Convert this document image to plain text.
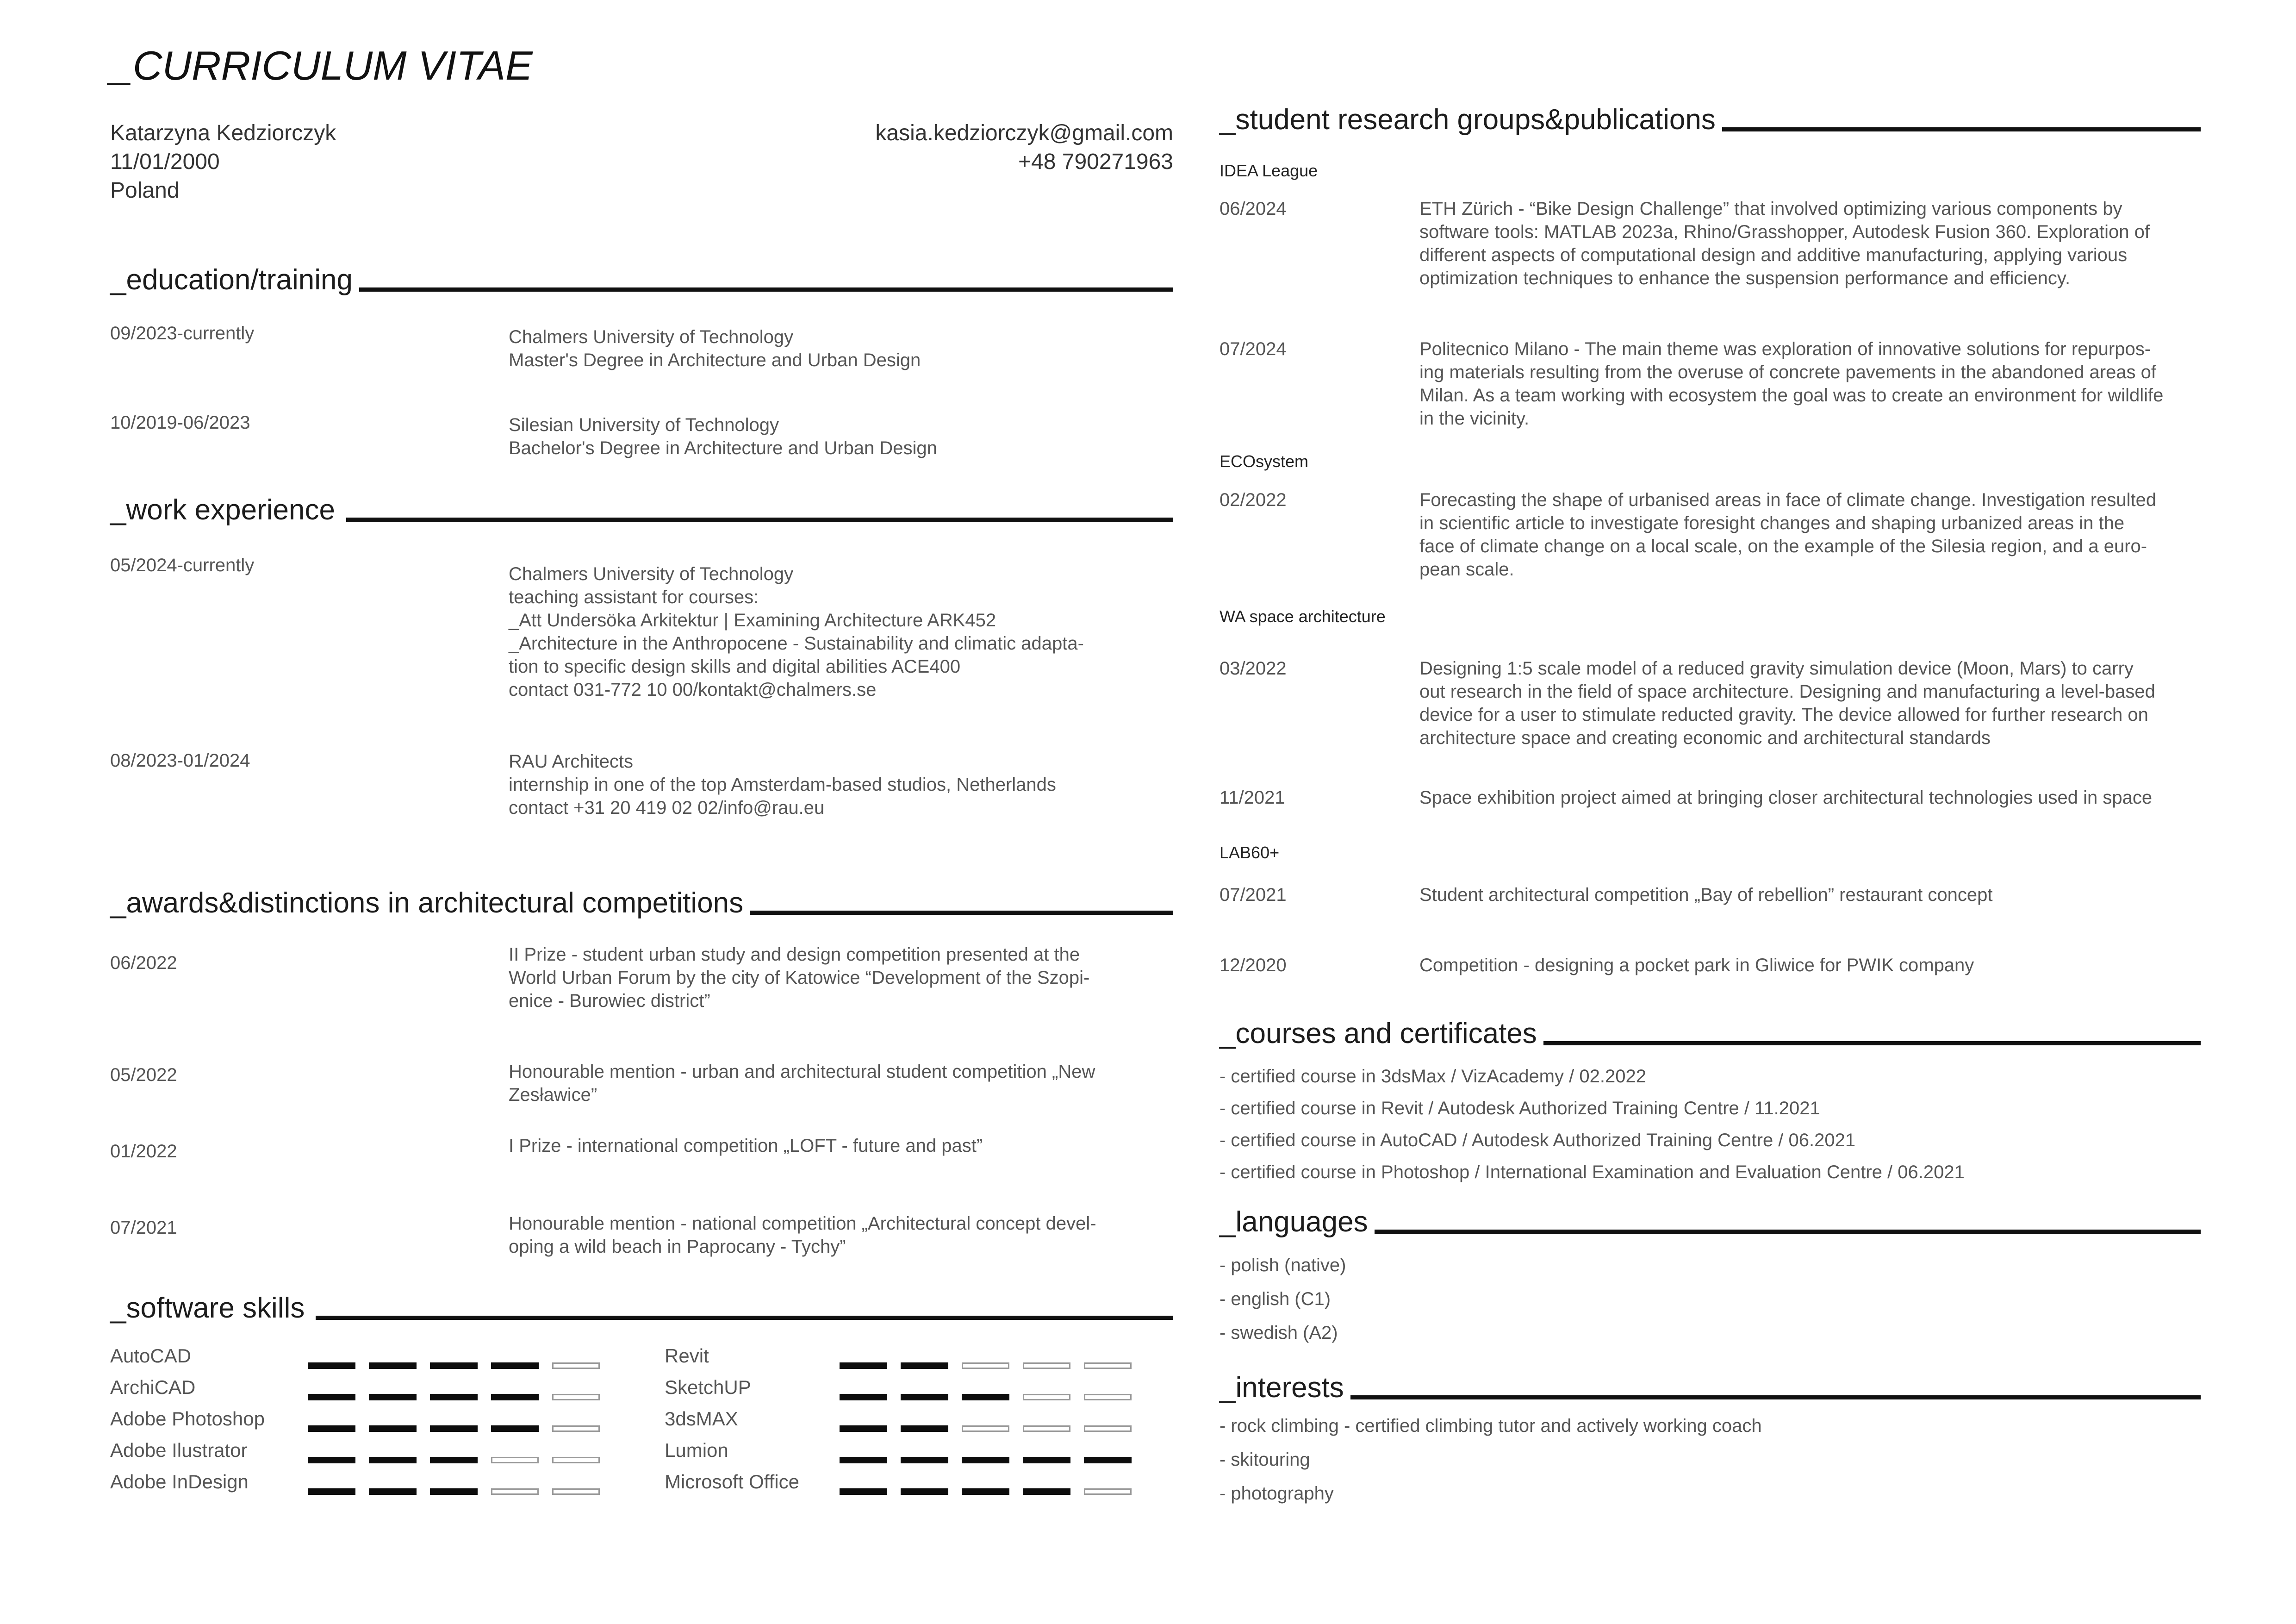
_CURRICULUM VITAE
Katarzyna Kedziorczyk
11/01/2000
Poland
kasia.kedziorczyk@gmail.com
+48 790271963
_education/training
09/2023-currently	Chalmers University of Technology
Master's Degree in Architecture and Urban Design
10/2019-06/2023	Silesian University of Technology
Bachelor's Degree in Architecture and Urban Design
_work experience
05/2024-currently	Chalmers University of Technology
teaching assistant for courses:
_Att Undersöka Arkitektur | Examining Architecture ARK452
_Architecture in the Anthropocene - Sustainability and climatic adapta-
tion to specific design skills and digital abilities ACE400
contact 031-772 10 00/kontakt@chalmers.se
08/2023-01/2024	RAU Architects
internship in one of the top Amsterdam-based studios, Netherlands
contact +31 20 419 02 02/info@rau.eu
_awards&distinctions in architectural competitions
06/2022	II Prize - student urban study and design competition presented at the
World Urban Forum by the city of Katowice “Development of the Szopi-
enice - Burowiec district”
05/2022	Honourable mention - urban and architectural student competition „New
Zesławice”
01/2022	I Prize - international competition „LOFT - future and past”
07/2021	Honourable mention - national competition „Architectural concept devel-
oping a wild beach in Paprocany - Tychy”
_software skills
AutoCAD
ArchiCAD
Adobe Photoshop
Adobe Ilustrator
Adobe InDesign
Revit
SketchUP
3dsMAX
Lumion
Microsoft Office
_student research groups&publications
IDEA League
06/2024	ETH Zürich - “Bike Design Challenge” that involved optimizing various components by
software tools: MATLAB 2023a, Rhino/Grasshopper, Autodesk Fusion 360. Exploration of
different aspects of computational design and additive manufacturing, applying various
optimization techniques to enhance the suspension performance and efficiency.
07/2024	Politecnico Milano - The main theme was exploration of innovative solutions for repurpos-
ing materials resulting from the overuse of concrete pavements in the abandoned areas of
Milan. As a team working with ecosystem the goal was to create an environment for wildlife
in the vicinity.
ECOsystem
02/2022	Forecasting the shape of urbanised areas in face of climate change. Investigation resulted
in scientific article to investigate foresight changes and shaping urbanized areas in the
face of climate change on a local scale, on the example of the Silesia region, and a euro-
pean scale.
WA space architecture
03/2022	Designing 1:5 scale model of a reduced gravity simulation device (Moon, Mars) to carry
out research in the field of space architecture. Designing and manufacturing a level-based
device for a user to stimulate reducted gravity. The device allowed for further research on
architecture space and creating economic and architectural standards
11/2021	Space exhibition project aimed at bringing closer architectural technologies used in space
LAB60+
07/2021	Student architectural competition „Bay of rebellion” restaurant concept
12/2020	Competition - designing a pocket park in Gliwice for PWIK company
_courses and certificates
- certified course in 3dsMax / VizAcademy / 02.2022
- certified course in Revit / Autodesk Authorized Training Centre / 11.2021
- certified course in AutoCAD / Autodesk Authorized Training Centre / 06.2021
- certified course in Photoshop / International Examination and Evaluation Centre / 06.2021
_languages
- polish (native)
- english (C1)
- swedish (A2)
_interests
- rock climbing - certified climbing tutor and actively working coach
- skitouring
- photography
